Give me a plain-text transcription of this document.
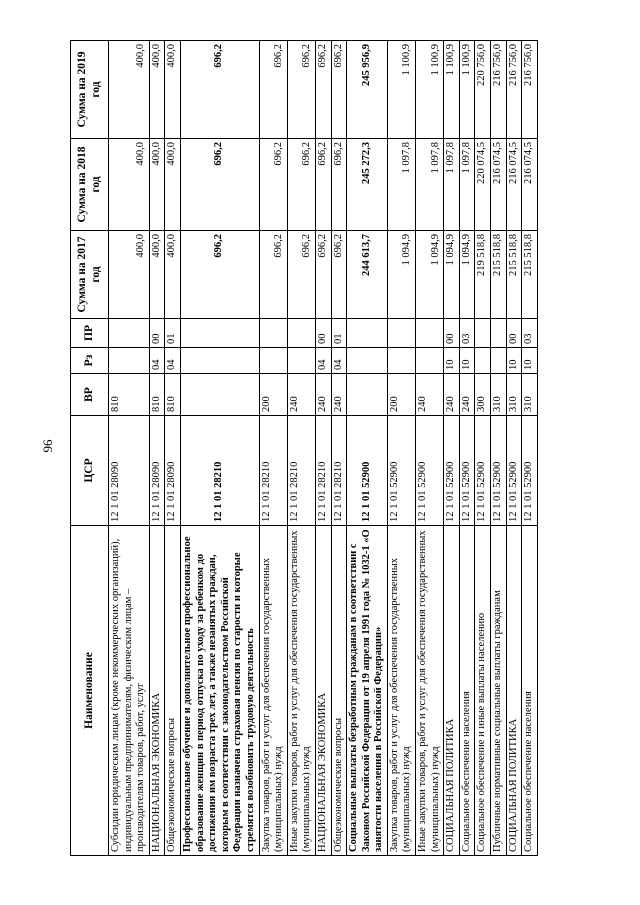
96
Наименование	ЦСР	ВР	Рз	ПР	Сумма на 2017 год	Сумма на 2018 год	Сумма на 2019 год
Субсидии юридическим лицам (кроме некоммерческих организаций), индивидуальным предпринимателям, физическим лицам – производителям товаров, работ, услуг	12 1 01 28090	810			400,0	400,0	400,0
НАЦИОНАЛЬНАЯ ЭКОНОМИКА	12 1 01 28090	810	04	00	400,0	400,0	400,0
Общеэкономические вопросы	12 1 01 28090	810	04	01	400,0	400,0	400,0
Профессиональное обучение и дополнительное профессиональное образование женщин в период отпуска по уходу за ребенком до достижения им возраста трех лет, а также незанятых граждан, которым в соответствии с законодательством Российской Федерации назначена страховая пенсия по старости и которые стремятся возобновить трудовую деятельность	12 1 01 28210				696,2	696,2	696,2
Закупка товаров, работ и услуг для обеспечения государственных (муниципальных) нужд	12 1 01 28210	200			696,2	696,2	696,2
Иные закупки товаров, работ и услуг для обеспечения государственных (муниципальных) нужд	12 1 01 28210	240			696,2	696,2	696,2
НАЦИОНАЛЬНАЯ ЭКОНОМИКА	12 1 01 28210	240	04	00	696,2	696,2	696,2
Общеэкономические вопросы	12 1 01 28210	240	04	01	696,2	696,2	696,2
Социальные выплаты безработным гражданам в соответствии с Законом Российской Федерации от 19 апреля 1991 года № 1032-1 «О занятости населения в Российской Федерации»	12 1 01 52900				244 613,7	245 272,3	245 956,9
Закупка товаров, работ и услуг для обеспечения государственных (муниципальных) нужд	12 1 01 52900	200			1 094,9	1 097,8	1 100,9
Иные закупки товаров, работ и услуг для обеспечения государственных (муниципальных) нужд	12 1 01 52900	240			1 094,9	1 097,8	1 100,9
СОЦИАЛЬНАЯ ПОЛИТИКА	12 1 01 52900	240	10	00	1 094,9	1 097,8	1 100,9
Социальное обеспечение населения	12 1 01 52900	240	10	03	1 094,9	1 097,8	1 100,9
Социальное обеспечение и иные выплаты населению	12 1 01 52900	300			219 518,8	220 074,5	220 756,0
Публичные нормативные социальные выплаты гражданам	12 1 01 52900	310			215 518,8	216 074,5	216 756,0
СОЦИАЛЬНАЯ ПОЛИТИКА	12 1 01 52900	310	10	00	215 518,8	216 074,5	216 756,0
Социальное обеспечение населения	12 1 01 52900	310	10	03	215 518,8	216 074,5	216 756,0
